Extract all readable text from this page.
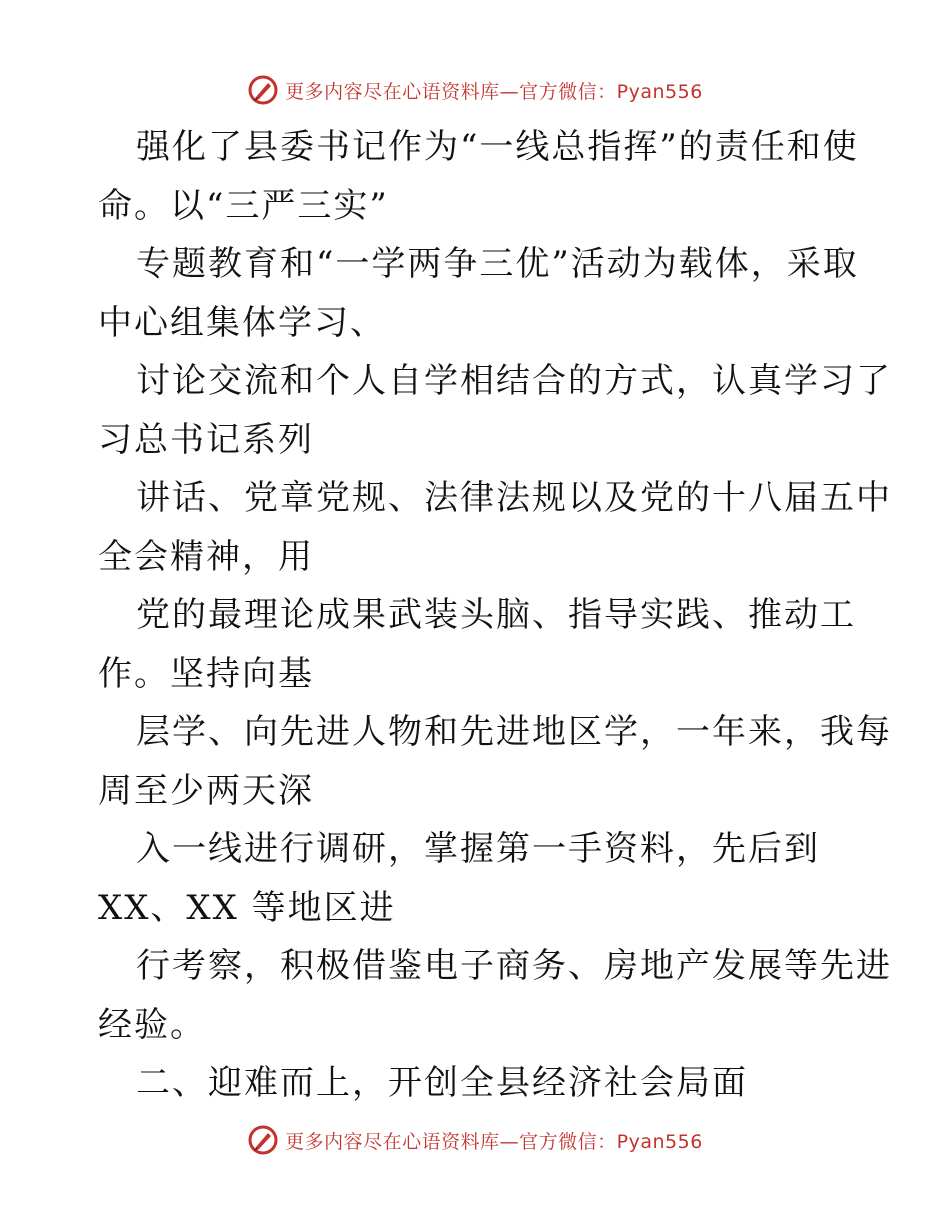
更多内容尽在心语资料库—官方微信：Pyan556
强化了县委书记作为“一线总指挥”的责任和使
命。以“三严三实”
专题教育和“一学两争三优”活动为载体，采取
中心组集体学习、
讨论交流和个人自学相结合的方式，认真学习了
习总书记系列
讲话、党章党规、法律法规以及党的十八届五中
全会精神，用
党的最理论成果武装头脑、指导实践、推动工
作。坚持向基
层学、向先进人物和先进地区学，一年来，我每
周至少两天深
入一线进行调研，掌握第一手资料，先后到
XX、XX 等地区进
行考察，积极借鉴电子商务、房地产发展等先进
经验。
二、迎难而上，开创全县经济社会局面
更多内容尽在心语资料库—官方微信：Pyan556
